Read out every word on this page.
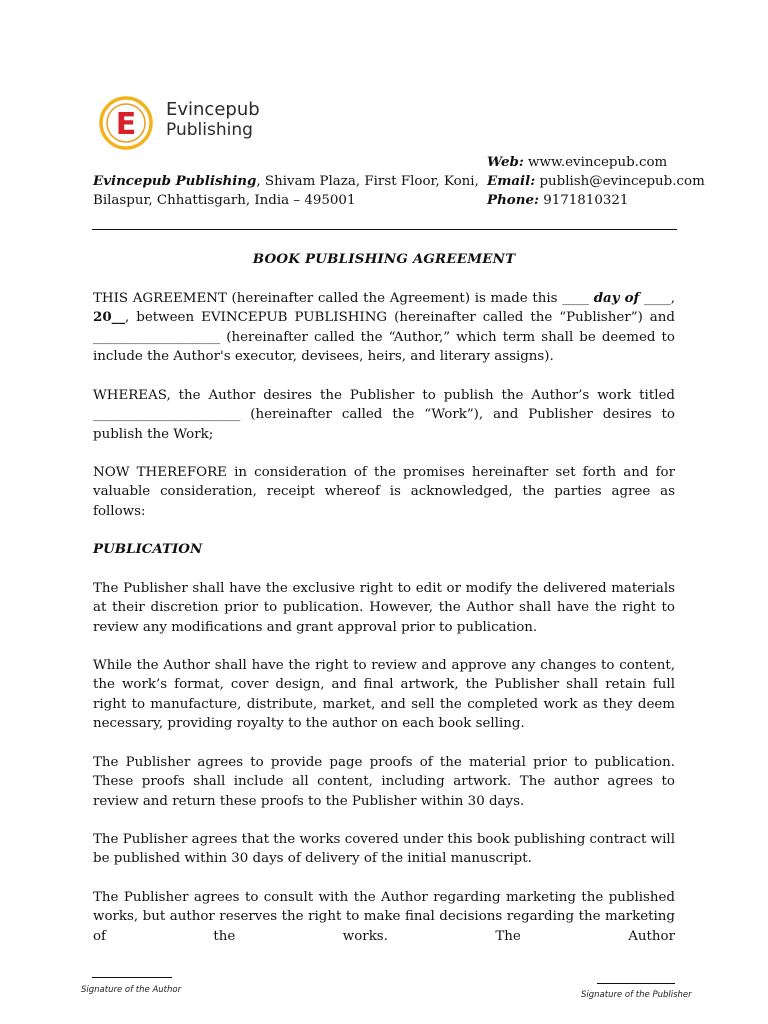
E Evincepub
Publishing
Web: www.evincepub.com
Email: publish@evincepub.com
Phone: 9171810321
Evincepub Publishing, Shivam Plaza, First Floor, Koni,
Bilaspur, Chhattisgarh, India – 495001
BOOK PUBLISHING AGREEMENT
THIS AGREEMENT (hereinafter called the Agreement) is made this ____ day of ____, 20__, between EVINCEPUB PUBLISHING (hereinafter called the “Publisher”) and ___________________ (hereinafter called the “Author,” which term shall be deemed to include the Author's executor, devisees, heirs, and literary assigns).
WHEREAS, the Author desires the Publisher to publish the Author’s work titled ______________________ (hereinafter called the “Work”), and Publisher desires to publish the Work;
NOW THEREFORE in consideration of the promises hereinafter set forth and for valuable consideration, receipt whereof is acknowledged, the parties agree as follows:
PUBLICATION
The Publisher shall have the exclusive right to edit or modify the delivered materials at their discretion prior to publication. However, the Author shall have the right to review any modifications and grant approval prior to publication.
While the Author shall have the right to review and approve any changes to content, the work’s format, cover design, and final artwork, the Publisher shall retain full right to manufacture, distribute, market, and sell the completed work as they deem necessary, providing royalty to the author on each book selling.
The Publisher agrees to provide page proofs of the material prior to publication. These proofs shall include all content, including artwork. The author agrees to review and return these proofs to the Publisher within 30 days.
The Publisher agrees that the works covered under this book publishing contract will be published within 30 days of delivery of the initial manuscript.
The Publisher agrees to consult with the Author regarding marketing the published works, but author reserves the right to make final decisions regarding the marketing of the works. The Author
Signature of the Author	Signature of the Publisher
